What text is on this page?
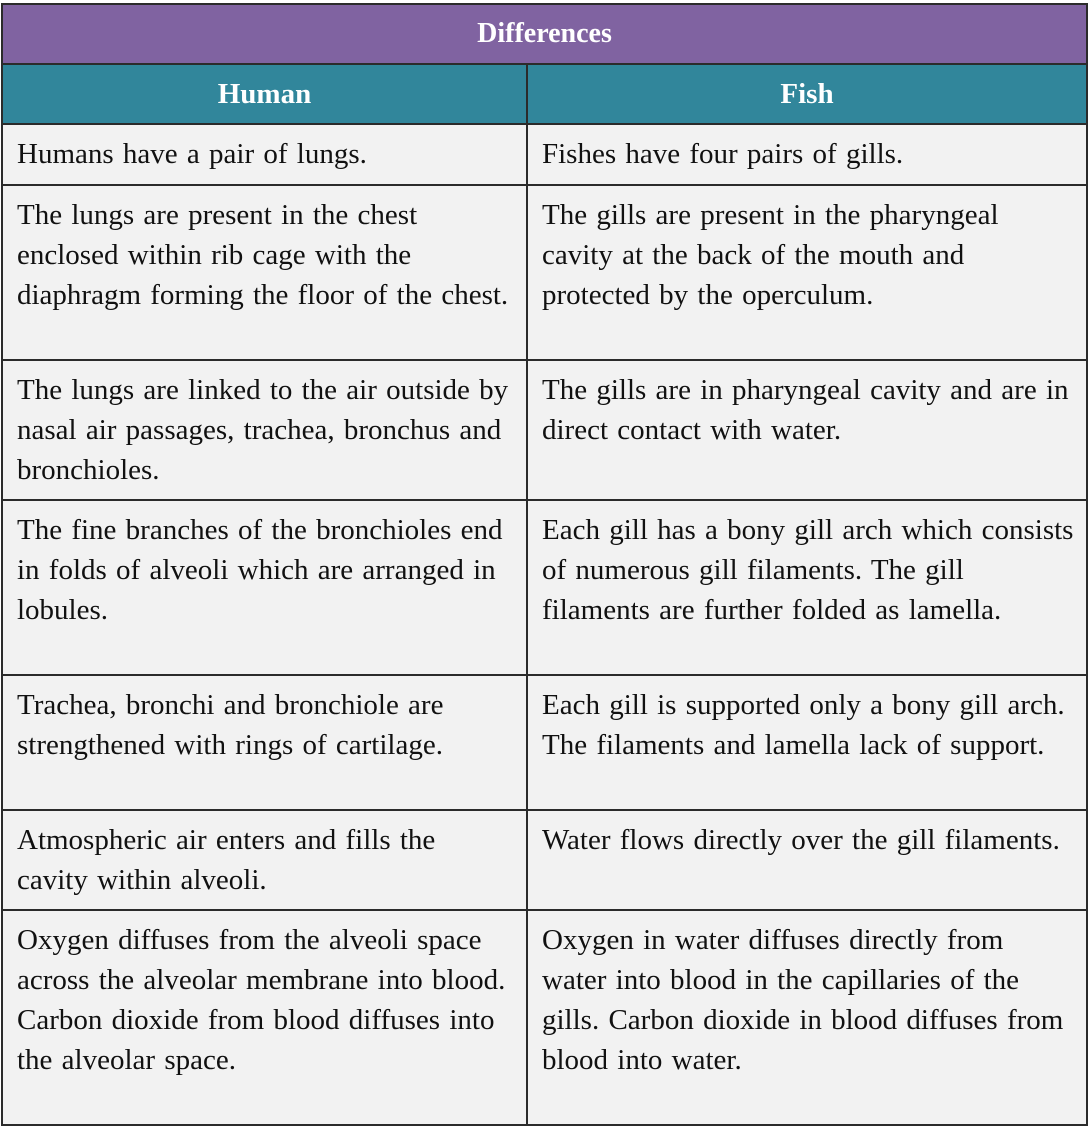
Differences	
Human	Fish
Humans have a pair of lungs.	Fishes have four pairs of gills.
The lungs are present in the chest enclosed within rib cage with the diaphragm forming the floor of the chest.	The gills are present in the pharyngeal cavity at the back of the mouth and protected by the operculum.
The lungs are linked to the air outside by nasal air passages, trachea, bronchus and bronchioles.	The gills are in pharyngeal cavity and are in direct contact with water.
The fine branches of the bronchioles end in folds of alveoli which are arranged in lobules.	Each gill has a bony gill arch which consists of numerous gill filaments. The gill filaments are further folded as lamella.
Trachea, bronchi and bronchiole are strengthened with rings of cartilage.	Each gill is supported only a bony gill arch. The filaments and lamella lack of support.
Atmospheric air enters and fills the cavity within alveoli.	Water flows directly over the gill filaments.
Oxygen diffuses from the alveoli space across the alveolar membrane into blood. Carbon dioxide from blood diffuses into the alveolar space.	Oxygen in water diffuses directly from water into blood in the capillaries of the gills. Carbon dioxide in blood diffuses from blood into water.
